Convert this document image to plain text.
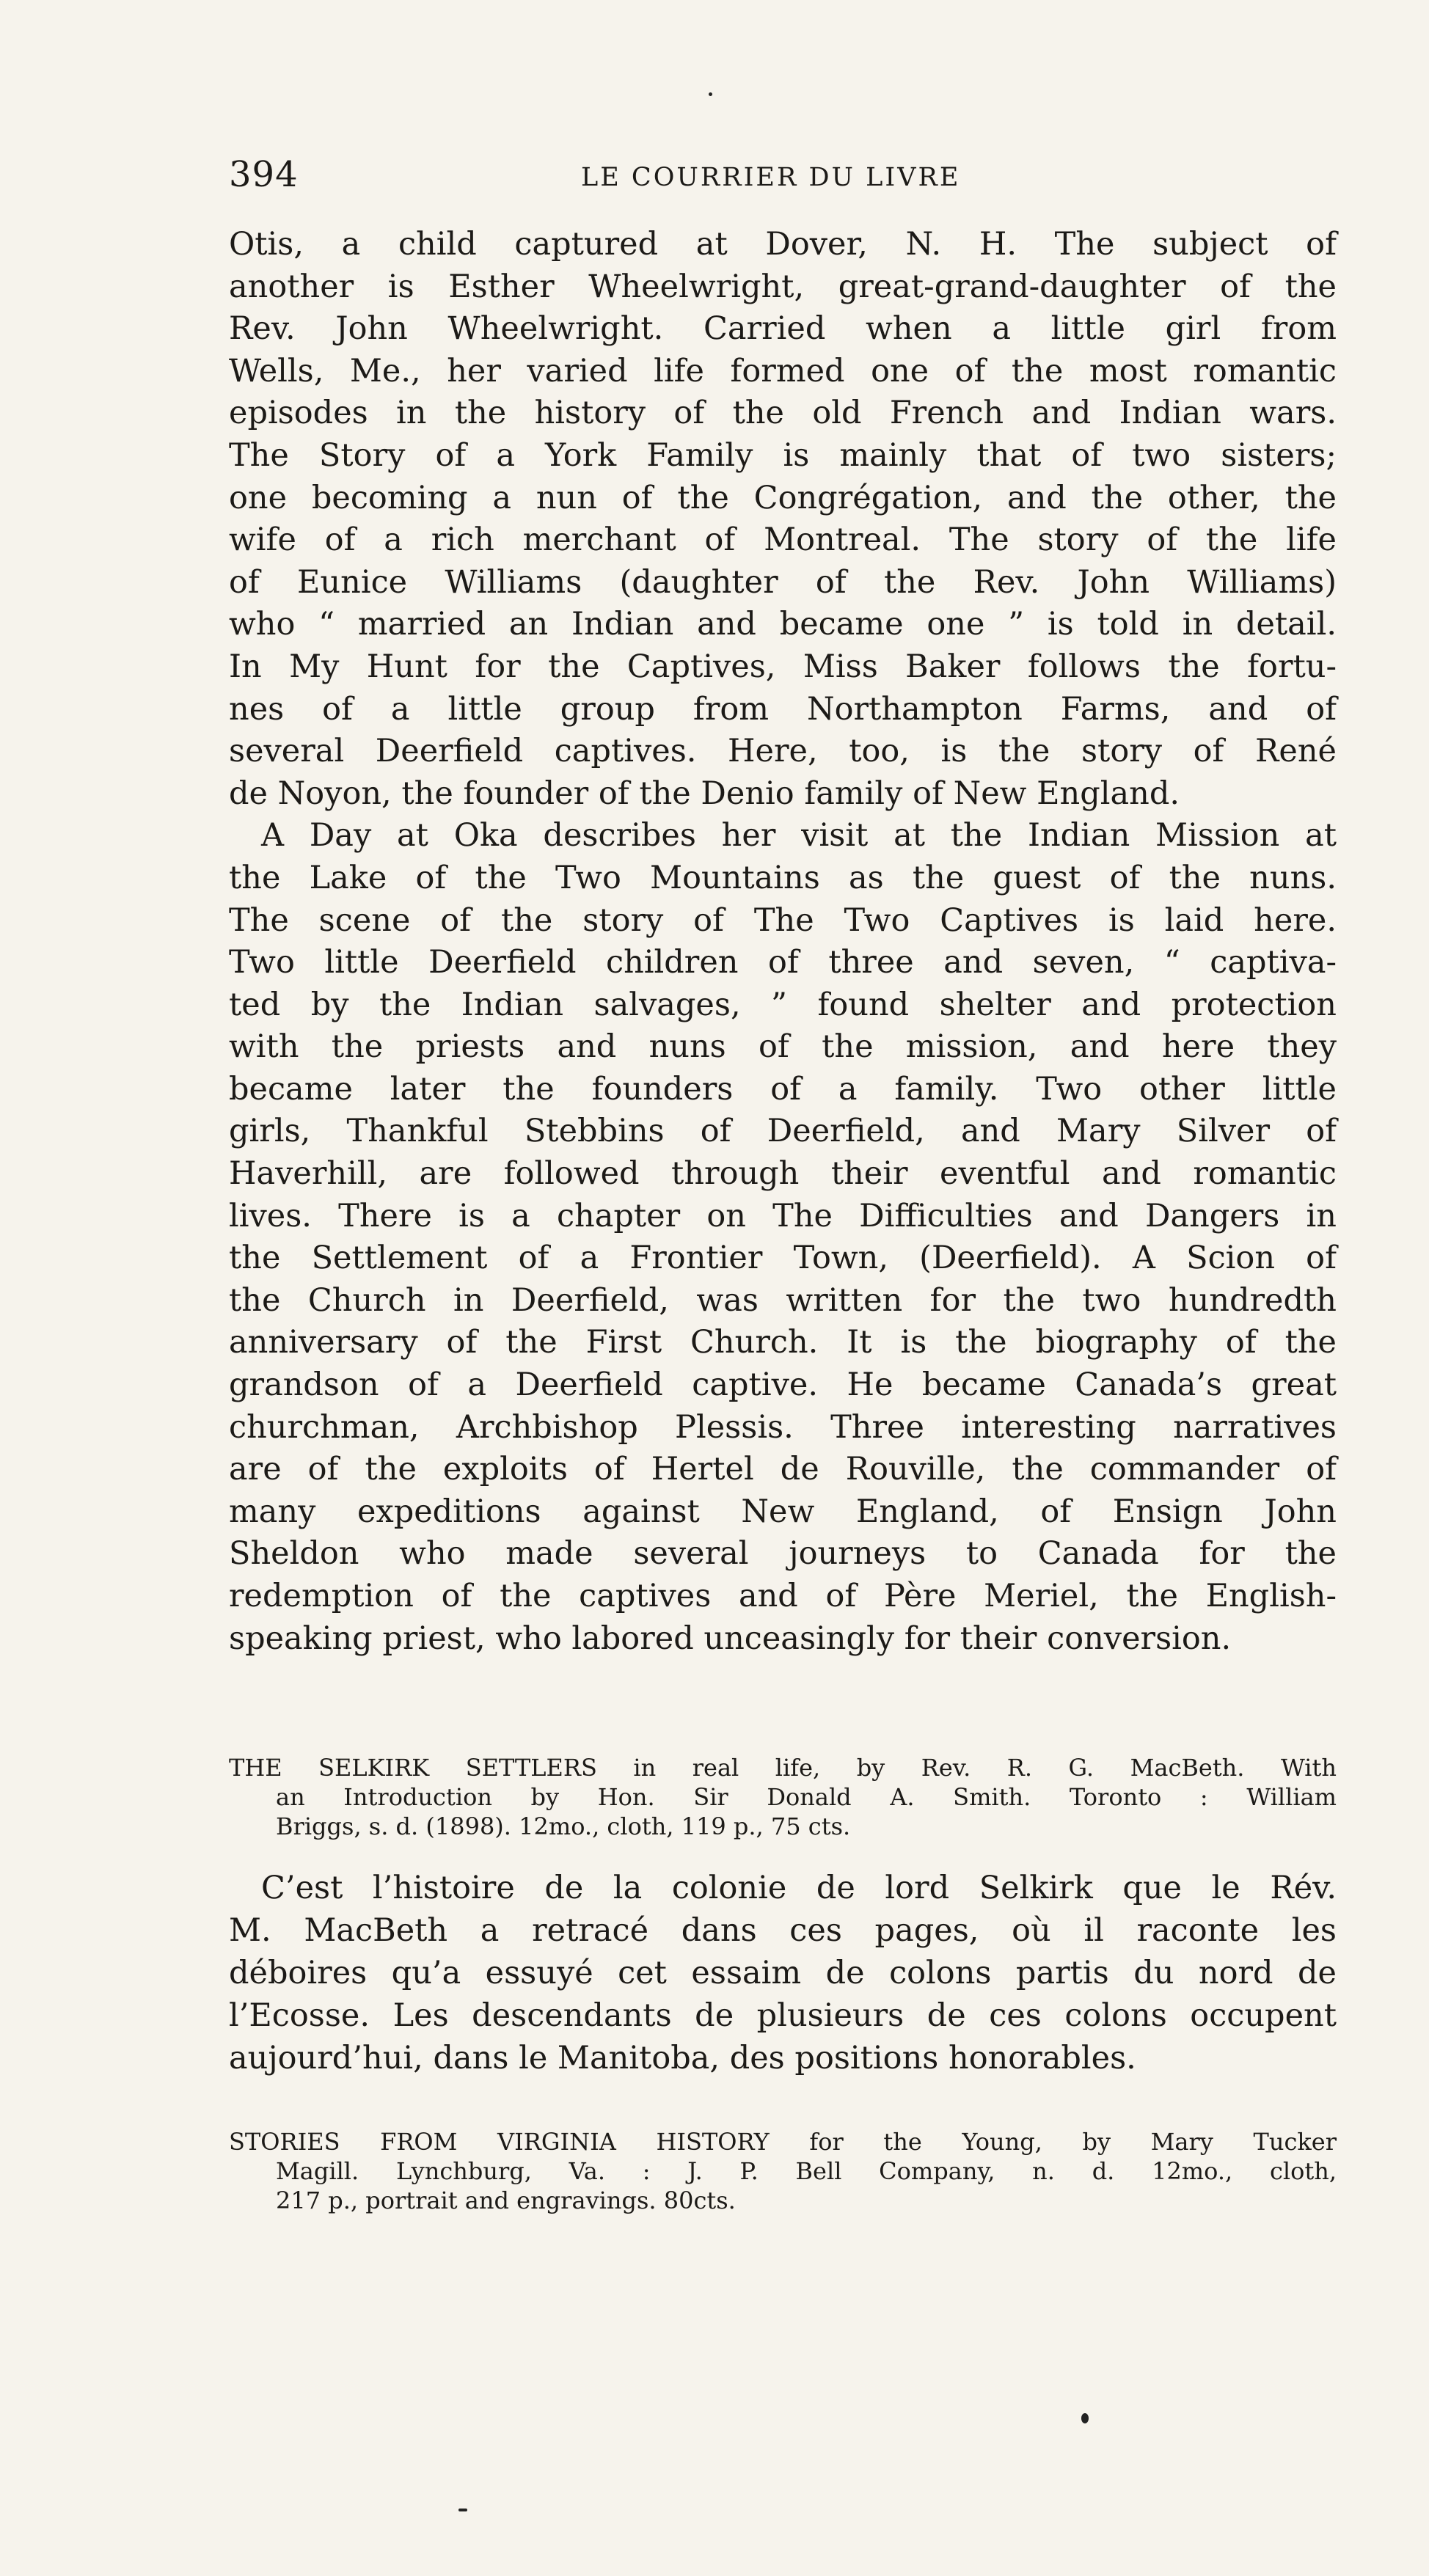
394	LE COURRIER DU LIVRE
Otis, a child captured at Dover, N. H. The subject of
another is Esther Wheelwright, great-grand-daughter of the
Rev. John Wheelwright. Carried when a little girl from
Wells, Me., her varied life formed one of the most romantic
episodes in the history of the old French and Indian wars.
The Story of a York Family is mainly that of two sisters;
one becoming a nun of the Congrégation, and the other, the
wife of a rich merchant of Montreal. The story of the life
of Eunice Williams (daughter of the Rev. John Williams)
who “ married an Indian and became one ” is told in detail.
In My Hunt for the Captives, Miss Baker follows the fortu-
nes of a little group from Northampton Farms, and of
several Deerfield captives. Here, too, is the story of René
de Noyon, the founder of the Denio family of New England.
A Day at Oka describes her visit at the Indian Mission at
the Lake of the Two Mountains as the guest of the nuns.
The scene of the story of The Two Captives is laid here.
Two little Deerfield children of three and seven, “ captiva-
ted by the Indian salvages, ” found shelter and protection
with the priests and nuns of the mission, and here they
became later the founders of a family. Two other little
girls, Thankful Stebbins of Deerfield, and Mary Silver of
Haverhill, are followed through their eventful and romantic
lives. There is a chapter on The Difficulties and Dangers in
the Settlement of a Frontier Town, (Deerfield). A Scion of
the Church in Deerfield, was written for the two hundredth
anniversary of the First Church. It is the biography of the
grandson of a Deerfield captive. He became Canada’s great
churchman, Archbishop Plessis. Three interesting narratives
are of the exploits of Hertel de Rouville, the commander of
many expeditions against New England, of Ensign John
Sheldon who made several journeys to Canada for the
redemption of the captives and of Père Meriel, the English-
speaking priest, who labored unceasingly for their conversion.
THE SELKIRK SETTLERS in real life, by Rev. R. G. MacBeth. With
an Introduction by Hon. Sir Donald A. Smith. Toronto : William
Briggs, s. d. (1898). 12mo., cloth, 119 p., 75 cts.
C’est l’histoire de la colonie de lord Selkirk que le Rév.
M. MacBeth a retracé dans ces pages, où il raconte les
déboires qu’a essuyé cet essaim de colons partis du nord de
l’Ecosse. Les descendants de plusieurs de ces colons occupent
aujourd’hui, dans le Manitoba, des positions honorables.
STORIES FROM VIRGINIA HISTORY for the Young, by Mary Tucker
Magill. Lynchburg, Va. : J. P. Bell Company, n. d. 12mo., cloth,
217 p., portrait and engravings. 80cts.
